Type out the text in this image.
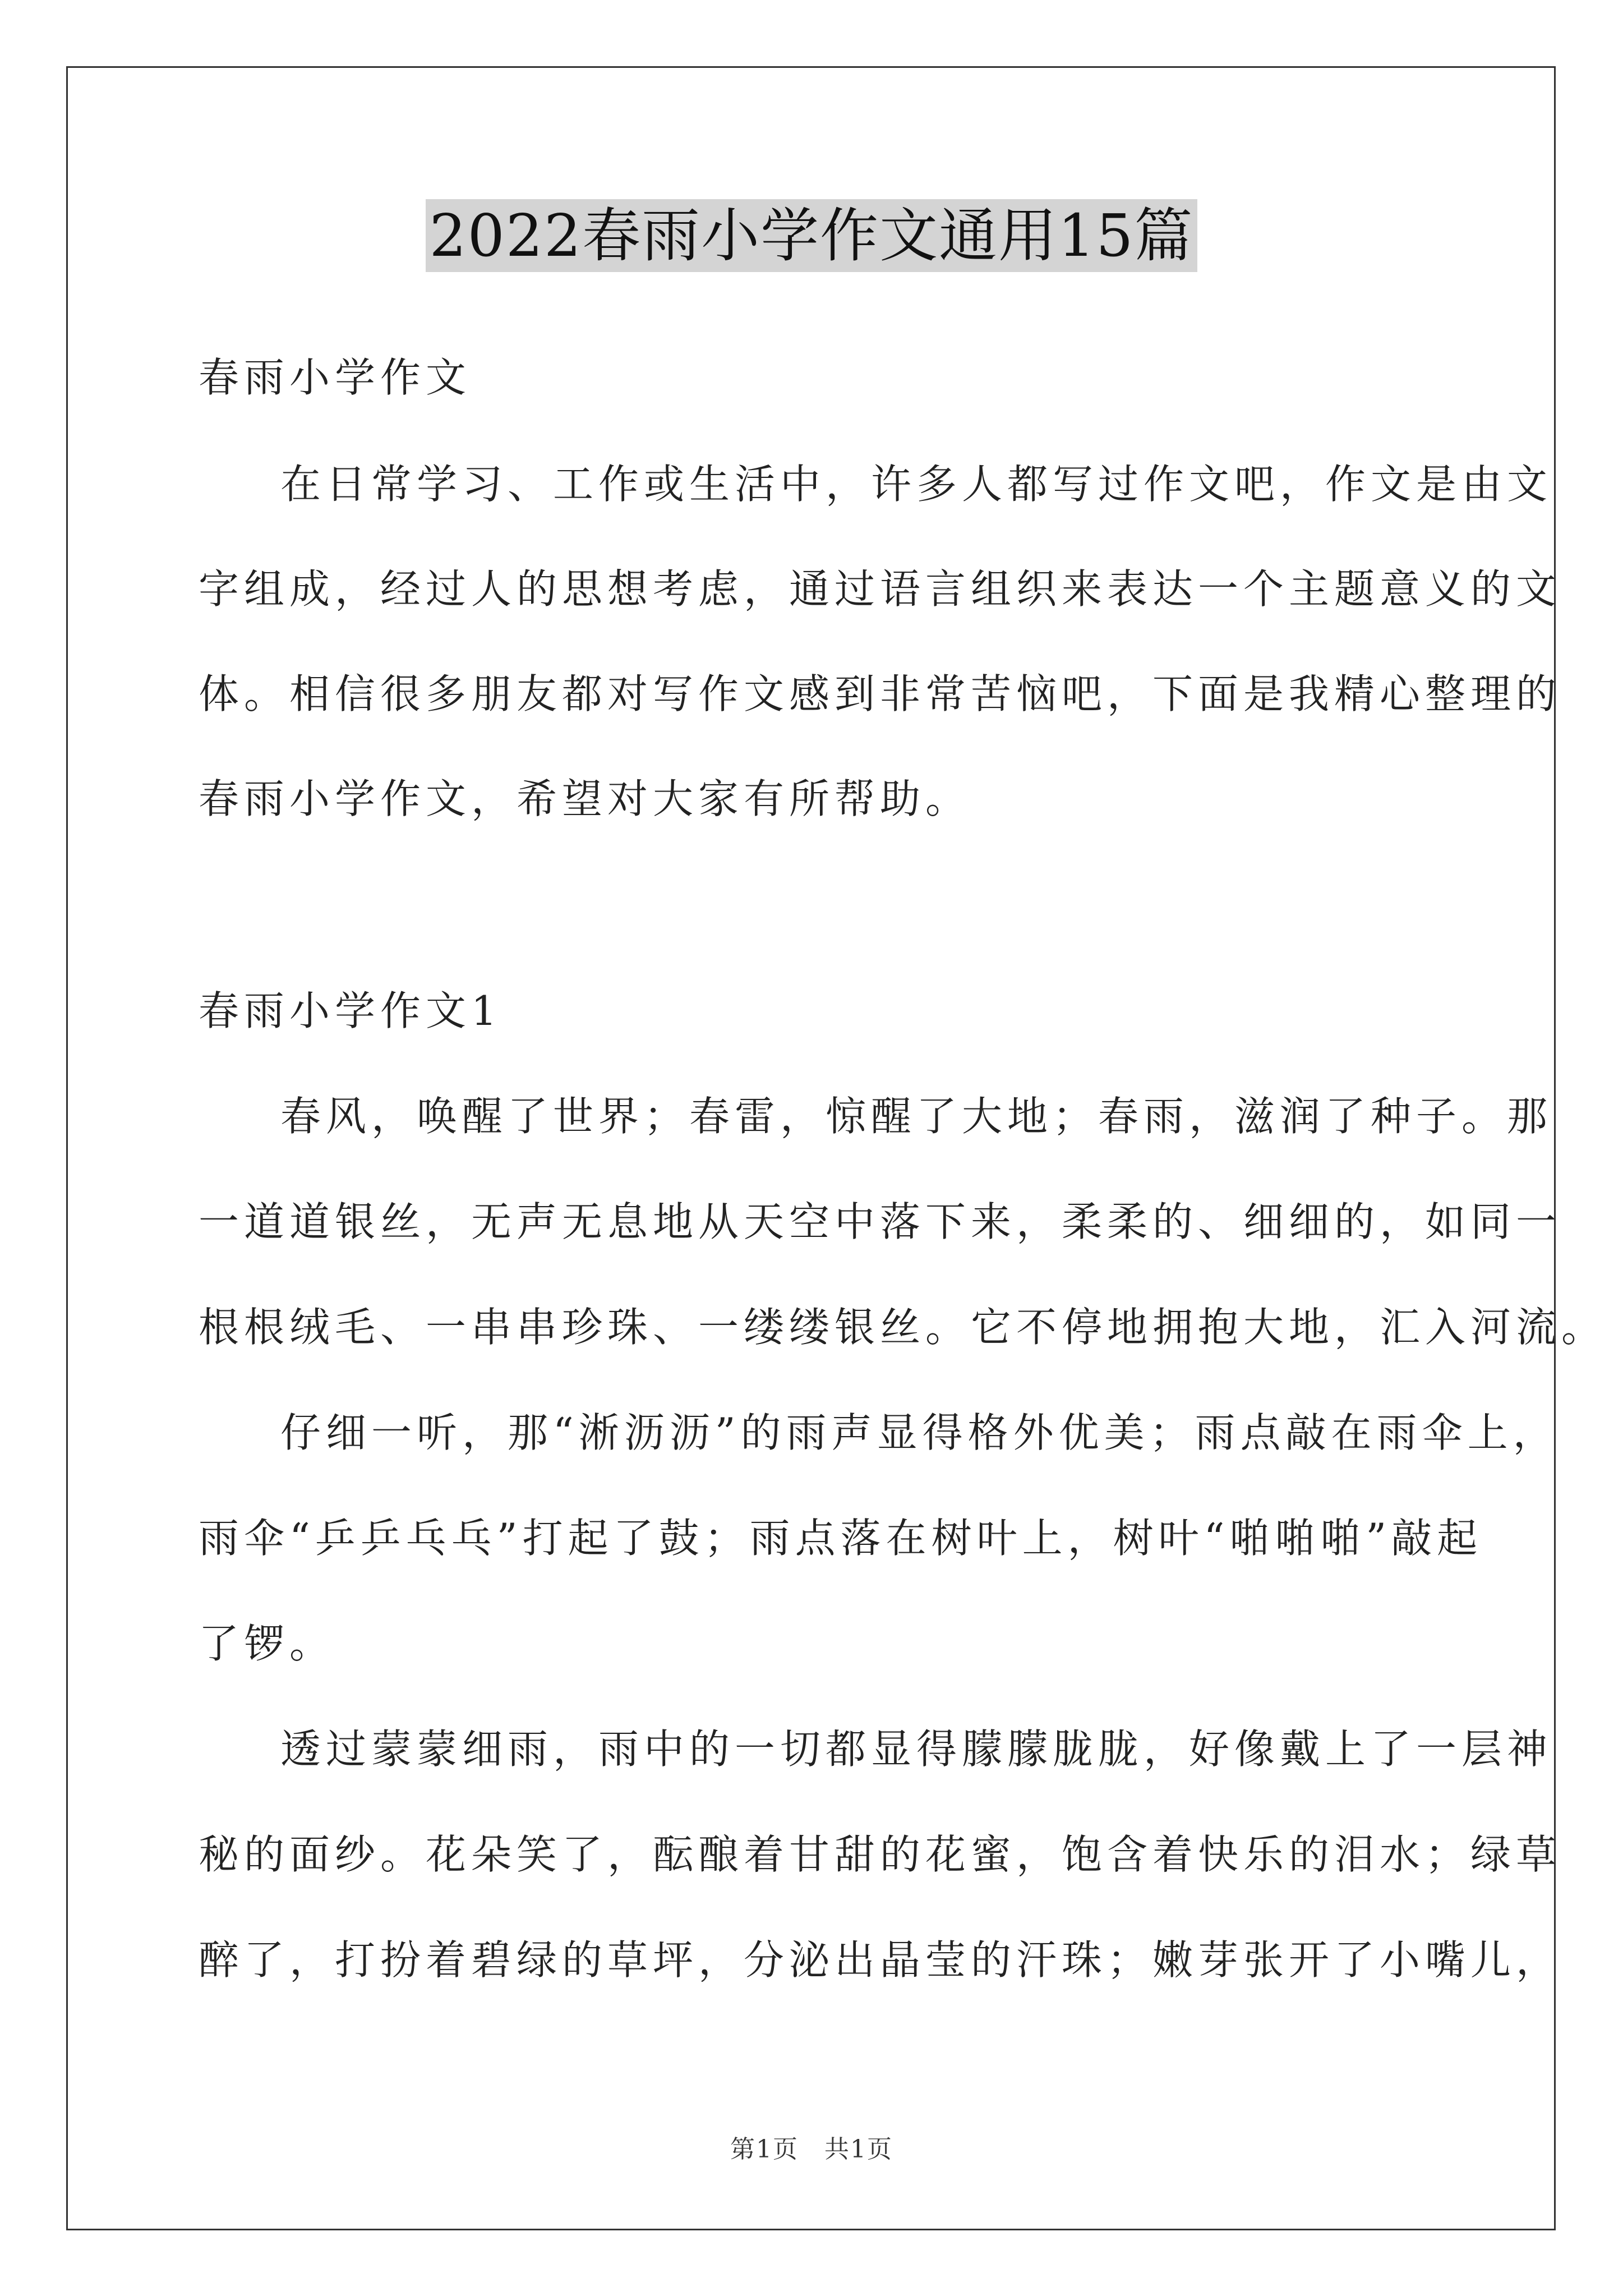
2022春雨小学作文通用15篇
春雨小学作文
在日常学习、工作或生活中，许多人都写过作文吧，作文是由文
字组成，经过人的思想考虑，通过语言组织来表达一个主题意义的文
体。相信很多朋友都对写作文感到非常苦恼吧，下面是我精心整理的
春雨小学作文，希望对大家有所帮助。
春雨小学作文1
春风，唤醒了世界；春雷，惊醒了大地；春雨，滋润了种子。那
一道道银丝，无声无息地从天空中落下来，柔柔的、细细的，如同一
根根绒毛、一串串珍珠、一缕缕银丝。它不停地拥抱大地，汇入河流。
仔细一听，那“淅沥沥”的雨声显得格外优美；雨点敲在雨伞上，
雨伞“乒乒乓乓”打起了鼓；雨点落在树叶上，树叶“啪啪啪”敲起
了锣。
透过蒙蒙细雨，雨中的一切都显得朦朦胧胧，好像戴上了一层神
秘的面纱。花朵笑了，酝酿着甘甜的花蜜，饱含着快乐的泪水；绿草
醉了，打扮着碧绿的草坪，分泌出晶莹的汗珠；嫩芽张开了小嘴儿，
第1页　共1页
